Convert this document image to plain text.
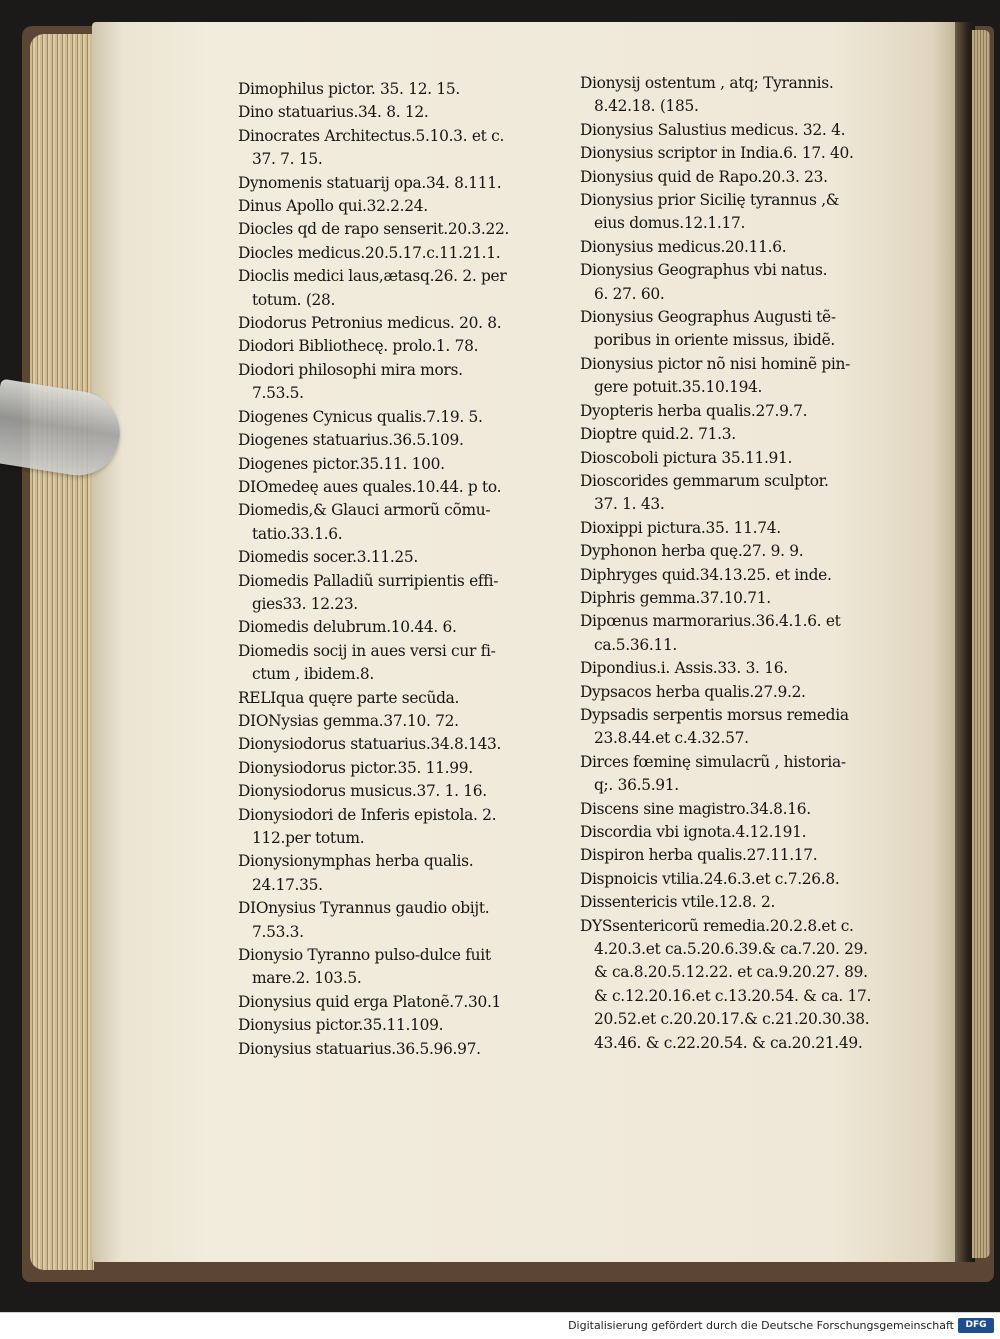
Dimophilus pictor. 35. 12. 15.
Dino statuarius.34. 8. 12.
Dinocrates Architectus.5.10.3. et c.
37. 7. 15.
Dynomenis statuarij opa.34. 8.111.
Dinus Apollo qui.32.2.24.
Diocles qd de rapo senserit.20.3.22.
Diocles medicus.20.5.17.c.11.21.1.
Dioclis medici laus,ætasq.26. 2. per
totum. (28.
Diodorus Petronius medicus. 20. 8.
Diodori Bibliothecę. prolo.1. 78.
Diodori philosophi mira mors.
7.53.5.
Diogenes Cynicus qualis.7.19. 5.
Diogenes statuarius.36.5.109.
Diogenes pictor.35.11. 100.
DIOmedeę aues quales.10.44. p to.
Diomedis,& Glauci armorũ cõmu-
tatio.33.1.6.
Diomedis socer.3.11.25.
Diomedis Palladiũ surripientis effi-
gies33. 12.23.
Diomedis delubrum.10.44. 6.
Diomedis socij in aues versi cur fi-
ctum , ibidem.8.
RELIqua quęre parte secũda.
DIONysias gemma.37.10. 72.
Dionysiodorus statuarius.34.8.143.
Dionysiodorus pictor.35. 11.99.
Dionysiodorus musicus.37. 1. 16.
Dionysiodori de Inferis epistola. 2.
112.per totum.
Dionysionymphas herba qualis.
24.17.35.
DIOnysius Tyrannus gaudio obijt.
7.53.3.
Dionysio Tyranno pulso-dulce fuit
mare.2. 103.5.
Dionysius quid erga Platonẽ.7.30.1
Dionysius pictor.35.11.109.
Dionysius statuarius.36.5.96.97.
Dionysij ostentum , atq; Tyrannis.
8.42.18. (185.
Dionysius Salustius medicus. 32. 4.
Dionysius scriptor in India.6. 17. 40.
Dionysius quid de Rapo.20.3. 23.
Dionysius prior Sicilię tyrannus ,&
eius domus.12.1.17.
Dionysius medicus.20.11.6.
Dionysius Geographus vbi natus.
6. 27. 60.
Dionysius Geographus Augusti tẽ-
poribus in oriente missus, ibidẽ.
Dionysius pictor nõ nisi hominẽ pin-
gere potuit.35.10.194.
Dyopteris herba qualis.27.9.7.
Dioptre quid.2. 71.3.
Dioscoboli pictura 35.11.91.
Dioscorides gemmarum sculptor.
37. 1. 43.
Dioxippi pictura.35. 11.74.
Dyphonon herba quę.27. 9. 9.
Diphryges quid.34.13.25. et inde.
Diphris gemma.37.10.71.
Dipœnus marmorarius.36.4.1.6. et
ca.5.36.11.
Dipondius.i. Assis.33. 3. 16.
Dypsacos herba qualis.27.9.2.
Dypsadis serpentis morsus remedia
23.8.44.et c.4.32.57.
Dirces fœminę simulacrũ , historia-
q;. 36.5.91.
Discens sine magistro.34.8.16.
Discordia vbi ignota.4.12.191.
Dispiron herba qualis.27.11.17.
Dispnoicis vtilia.24.6.3.et c.7.26.8.
Dissentericis vtile.12.8. 2.
DYSsentericorũ remedia.20.2.8.et c.
4.20.3.et ca.5.20.6.39.& ca.7.20. 29.
& ca.8.20.5.12.22. et ca.9.20.27. 89.
& c.12.20.16.et c.13.20.54. & ca. 17.
20.52.et c.20.20.17.& c.21.20.30.38.
43.46. & c.22.20.54. & ca.20.21.49.
Digitalisierung gefördert durch die Deutsche Forschungsgemeinschaft	DFG
